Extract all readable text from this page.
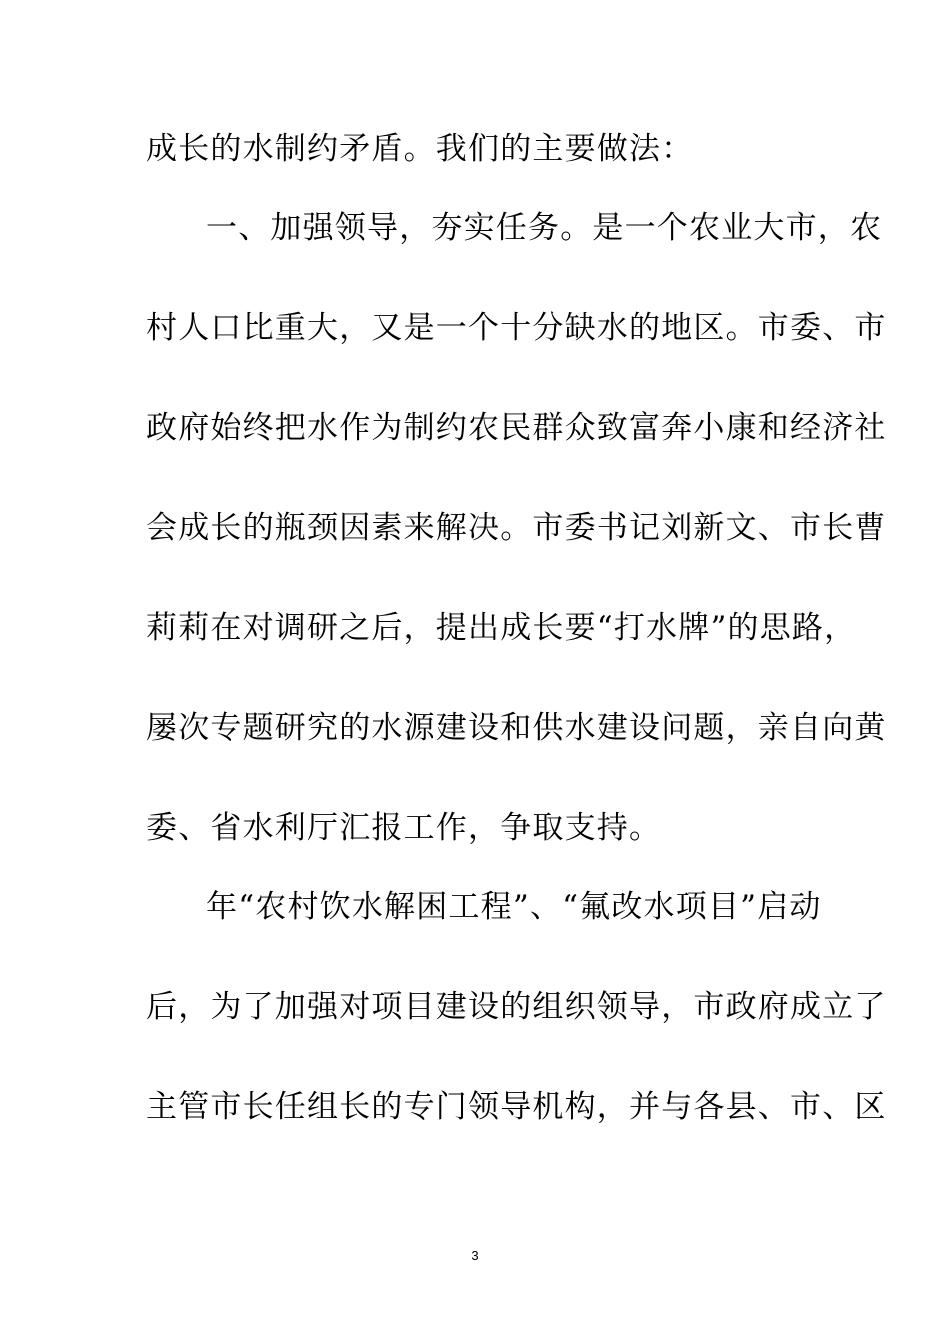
成长的水制约矛盾。我们的主要做法：
一、加强领导，夯实任务。是一个农业大市，农
村人口比重大，又是一个十分缺水的地区。市委、市
政府始终把水作为制约农民群众致富奔小康和经济社
会成长的瓶颈因素来解决。市委书记刘新文、市长曹
莉莉在对调研之后，提出成长要“打水牌”的思路，
屡次专题研究的水源建设和供水建设问题，亲自向黄
委、省水利厅汇报工作，争取支持。
年“农村饮水解困工程”、“氟改水项目”启动
后，为了加强对项目建设的组织领导，市政府成立了
主管市长任组长的专门领导机构，并与各县、市、区
3
